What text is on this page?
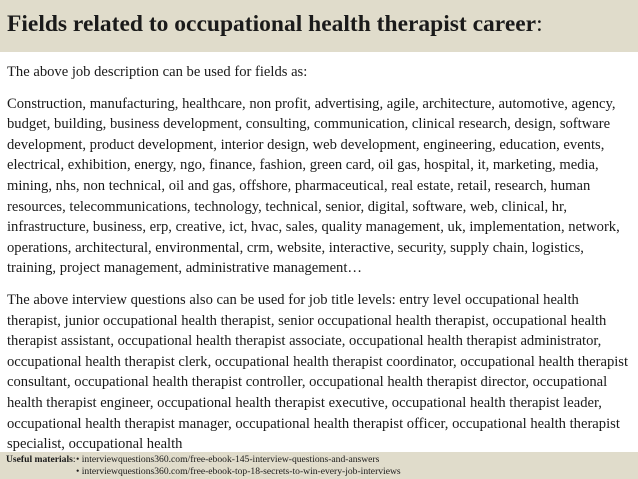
Fields related to occupational health therapist career:

The above job description can be used for fields as:

Construction, manufacturing, healthcare, non profit, advertising, agile, architecture, automotive, agency, budget, building, business development, consulting, communication, clinical research, design, software development, product development, interior design, web development, engineering, education, events, electrical, exhibition, energy, ngo, finance, fashion, green card, oil gas, hospital, it, marketing, media, mining, nhs, non technical, oil and gas, offshore, pharmaceutical, real estate, retail, research, human resources, telecommunications, technology, technical, senior, digital, software, web, clinical, hr, infrastructure, business, erp, creative, ict, hvac, sales, quality management, uk, implementation, network, operations, architectural, environmental, crm, website, interactive, security, supply chain, logistics, training, project management, administrative management…

The above interview questions also can be used for job title levels: entry level occupational health therapist, junior occupational health therapist, senior occupational health therapist, occupational health therapist assistant, occupational health therapist associate, occupational health therapist administrator, occupational health therapist clerk, occupational health therapist coordinator, occupational health therapist consultant, occupational health therapist controller, occupational health therapist director, occupational health therapist engineer, occupational health therapist executive, occupational health therapist leader, occupational health therapist manager, occupational health therapist officer, occupational health therapist specialist, occupational health

Useful materials:• interviewquestions360.com/free-ebook-145-interview-questions-and-answers
• interviewquestions360.com/free-ebook-top-18-secrets-to-win-every-job-interviews
